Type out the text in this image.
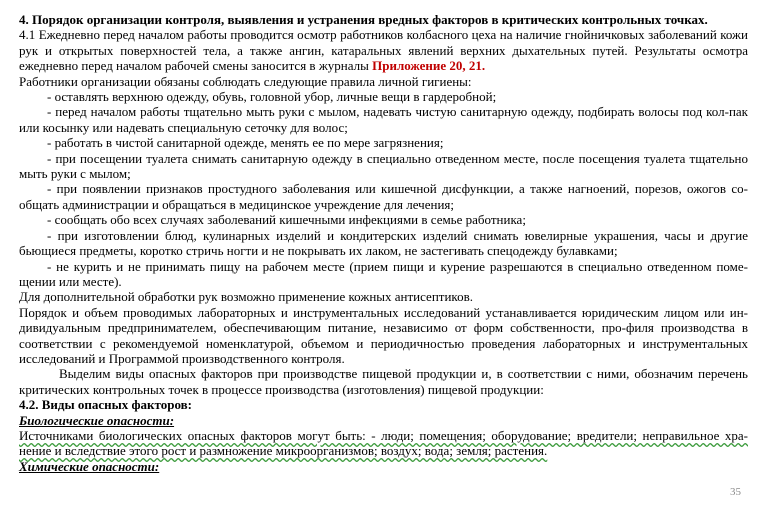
4. Порядок организации контроля, выявления и устранения вредных факторов в критических контрольных точках.

4.1 Ежедневно перед началом работы проводится осмотр работников колбасного цеха на наличие гнойничковых заболеваний кожи рук и открытых поверхностей тела, а также ангин, катаральных явлений верхних дыхательных путей. Результаты осмотра ежедневно перед началом рабочей смены заносится в журналы Приложение 20, 21.

Работники организации обязаны соблюдать следующие правила личной гигиены:

- оставлять верхнюю одежду, обувь, головной убор, личные вещи в гардеробной;

- перед началом работы тщательно мыть руки с мылом, надевать чистую санитарную одежду, подбирать волосы под кол-пак или косынку или надевать специальную сеточку для волос;

- работать в чистой санитарной одежде, менять ее по мере загрязнения;

- при посещении туалета снимать санитарную одежду в специально отведенном месте, после посещения туалета тщательно мыть руки с мылом;

- при появлении признаков простудного заболевания или кишечной дисфункции, а также нагноений, порезов, ожогов со-общать администрации и обращаться в медицинское учреждение для лечения;

- сообщать обо всех случаях заболеваний кишечными инфекциями в семье работника;

- при изготовлении блюд, кулинарных изделий и кондитерских изделий снимать ювелирные украшения, часы и другие бьющиеся предметы, коротко стричь ногти и не покрывать их лаком, не застегивать спецодежду булавками;

- не курить и не принимать пищу на рабочем месте (прием пищи и курение разрешаются в специально отведенном поме-щении или месте).

Для дополнительной обработки рук возможно применение кожных антисептиков.

Порядок и объем проводимых лабораторных и инструментальных исследований устанавливается юридическим лицом или ин-дивидуальным предпринимателем, обеспечивающим питание, независимо от форм собственности, про-филя производства в соответствии с рекомендуемой номенклатурой, объемом и периодичностью проведения лабораторных и инструментальных исследований и Программой производственного контроля.

Выделим виды опасных факторов при производстве пищевой продукции и, в соответствии с ними, обозначим перечень критических контрольных точек в процессе производства (изготовления) пищевой продукции:

4.2. Виды опасных факторов:

Биологические опасности:

Источниками биологических опасных факторов могут быть: - люди; помещения; оборудование; вредители; неправильное хра-нение и вследствие этого рост и размножение микроорганизмов; воздух; вода; земля; растения.

Химические опасности:

35
